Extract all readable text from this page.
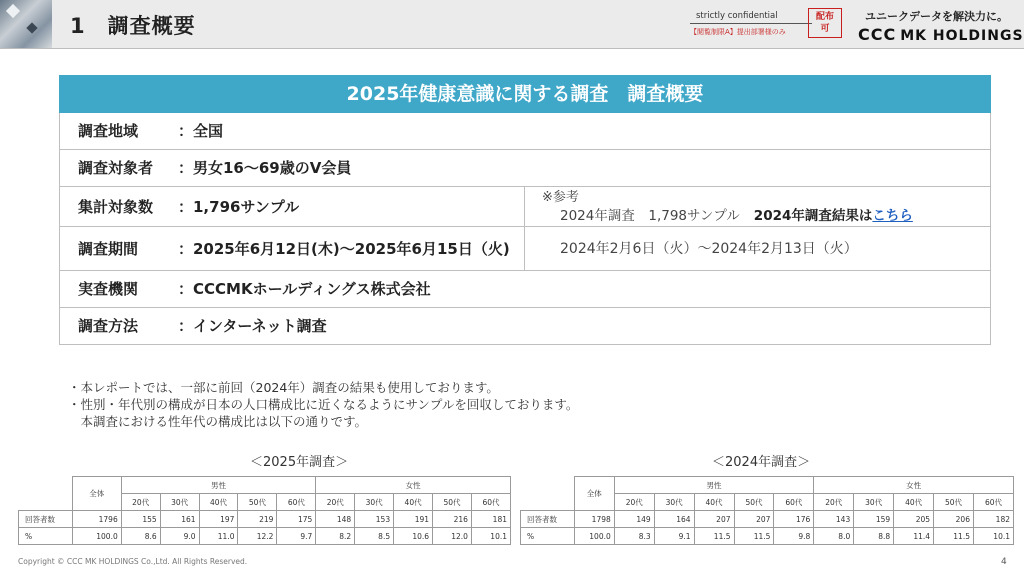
1 調査概要	strictly confidential
【閲覧制限A】提出部署様のみ
配布可
ユニークデータを解決力に。
CCC MK HOLDINGS
2025年健康意識に関する調査　調査概要
調査地域	：全国
調査対象者 ：男女16〜69歳のV会員
集計対象数 ：1,796サンプル
※参考
2024年調査　1,798サンプル 2024年調査結果はこちら
調査期間	：2025年6月12日(木)〜2025年6月15日（火)	2024年2月6日（火）〜2024年2月13日（火）
実査機関	：CCCMKホールディングス株式会社
調査方法	：インターネット調査
・本レポートでは、一部に前回（2024年）調査の結果も使用しております。
・性別・年代別の構成が日本の人口構成比に近くなるようにサンプルを回収しております。
　本調査における性年代の構成比は以下の通りです。
＜2025年調査＞
	全体	男性					女性				
		20代	30代	40代	50代	60代	20代	30代	40代	50代	60代
回答者数	1796	155	161	197	219	175	148	153	191	216	181
%	100.0	8.6	9.0	11.0	12.2	9.7	8.2	8.5	10.6	12.0	10.1
＜2024年調査＞
	全体	男性					女性				
		20代	30代	40代	50代	60代	20代	30代	40代	50代	60代
回答者数	1798	149	164	207	207	176	143	159	205	206	182
%	100.0	8.3	9.1	11.5	11.5	9.8	8.0	8.8	11.4	11.5	10.1
Copyright © CCC MK HOLDINGS Co.,Ltd. All Rights Reserved.	4
